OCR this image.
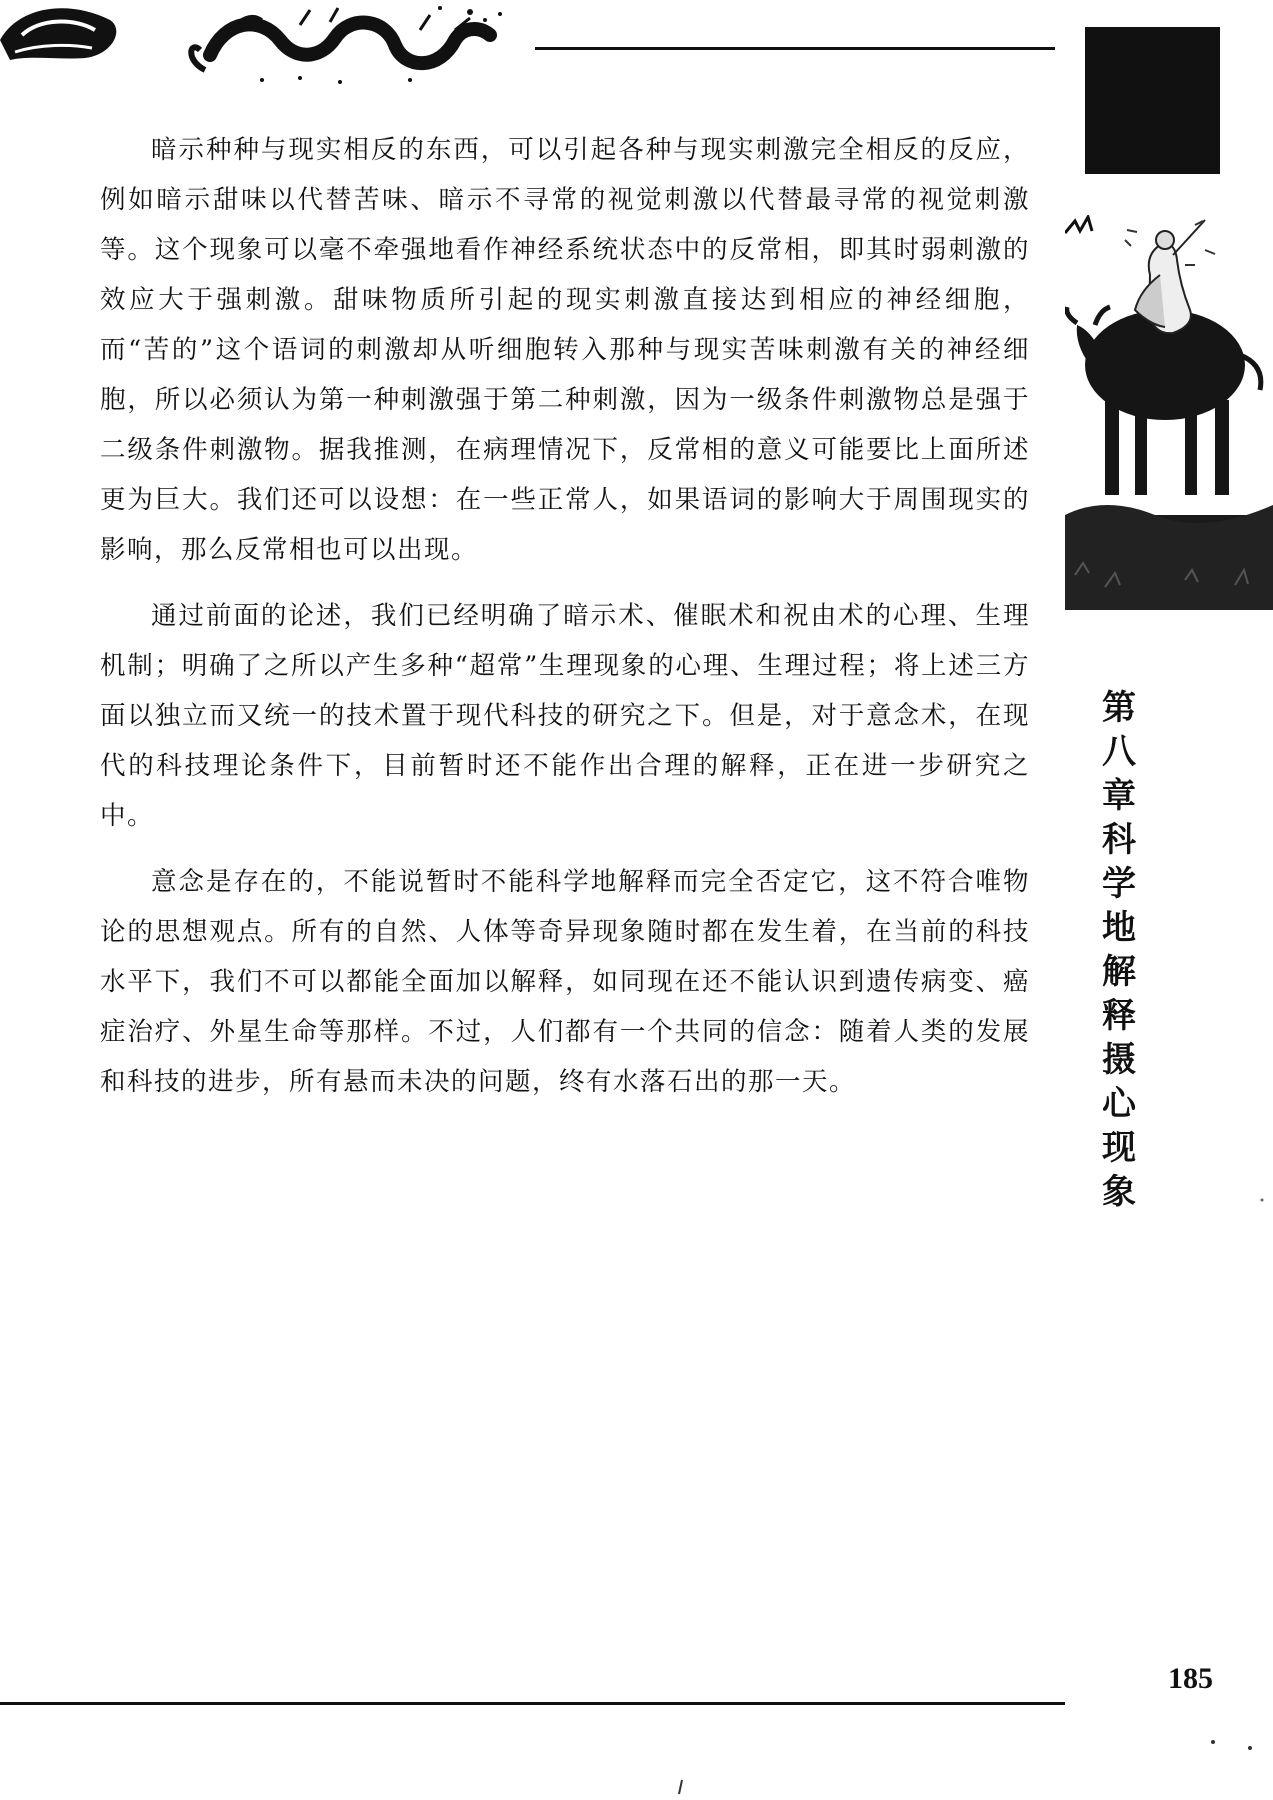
暗示种种与现实相反的东西，可以引起各种与现实刺激完全相反的反应，例如暗示甜味以代替苦味、暗示不寻常的视觉刺激以代替最寻常的视觉刺激等。这个现象可以毫不牵强地看作神经系统状态中的反常相，即其时弱刺激的效应大于强刺激。甜味物质所引起的现实刺激直接达到相应的神经细胞，而“苦的”这个语词的刺激却从听细胞转入那种与现实苦味刺激有关的神经细胞，所以必须认为第一种刺激强于第二种刺激，因为一级条件刺激物总是强于二级条件刺激物。据我推测，在病理情况下，反常相的意义可能要比上面所述更为巨大。我们还可以设想：在一些正常人，如果语词的影响大于周围现实的影响，那么反常相也可以出现。

通过前面的论述，我们已经明确了暗示术、催眠术和祝由术的心理、生理机制；明确了之所以产生多种“超常”生理现象的心理、生理过程；将上述三方面以独立而又统一的技术置于现代科技的研究之下。但是，对于意念术，在现代的科技理论条件下，目前暂时还不能作出合理的解释，正在进一步研究之中。

意念是存在的，不能说暂时不能科学地解释而完全否定它，这不符合唯物论的思想观点。所有的自然、人体等奇异现象随时都在发生着，在当前的科技水平下，我们不可以都能全面加以解释，如同现在还不能认识到遗传病变、癌症治疗、外星生命等那样。不过，人们都有一个共同的信念：随着人类的发展和科技的进步，所有悬而未决的问题，终有水落石出的那一天。

第
八
章
科
学
地
解
释
摄
心
现
象
185
